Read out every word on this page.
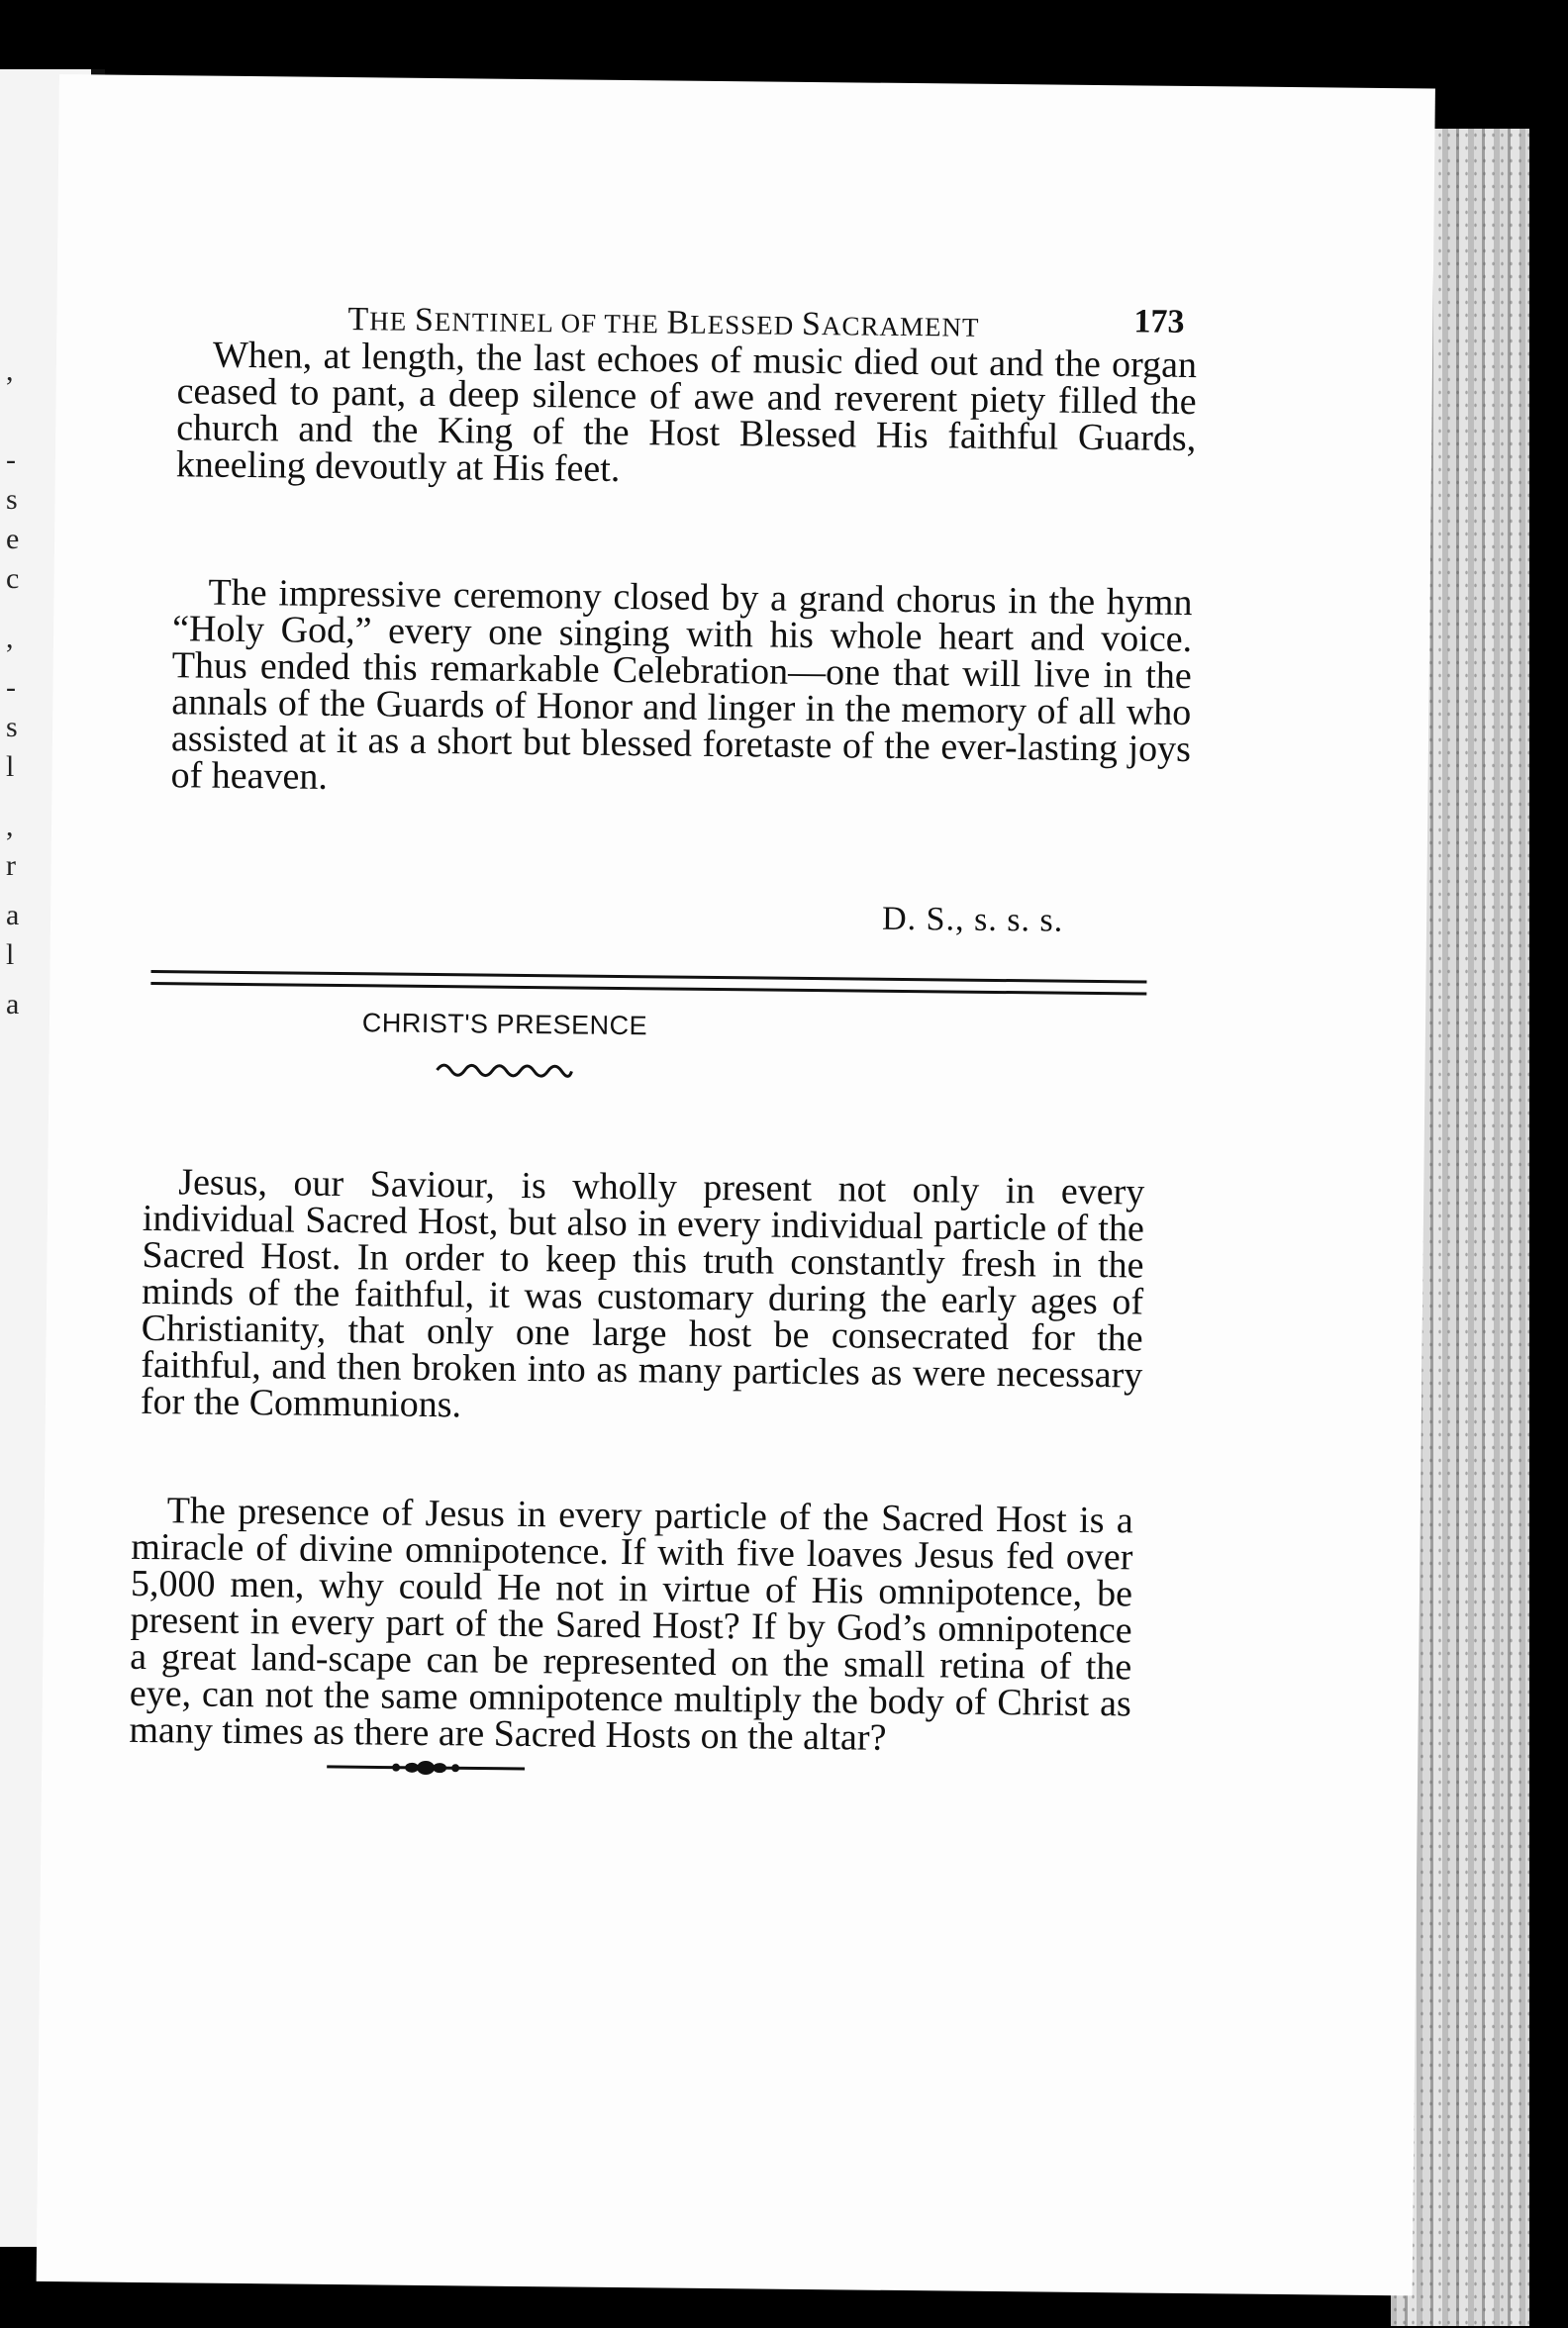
,
-
s
e
c
,
-
s
l
,
r
a
l
a
THE SENTINEL OF THE BLESSED SACRAMENT	173
When, at length, the last echoes of music died out and the organ ceased to pant, a deep silence of awe and reverent piety filled the church and the King of the Host Blessed His faithful Guards, kneeling devoutly at His feet.
The impressive ceremony closed by a grand chorus in the hymn “Holy God,” every one singing with his whole heart and voice. Thus ended this remarkable Celebration—one that will live in the annals of the Guards of Honor and linger in the memory of all who assisted at it as a short but blessed foretaste of the ever-lasting joys of heaven.
D. S., s. s. s.
CHRIST'S PRESENCE
Jesus, our Saviour, is wholly present not only in every individual Sacred Host, but also in every individual particle of the Sacred Host. In order to keep this truth constantly fresh in the minds of the faithful, it was customary during the early ages of Christianity, that only one large host be consecrated for the faithful, and then broken into as many particles as were necessary for the Communions.
The presence of Jesus in every particle of the Sacred Host is a miracle of divine omnipotence. If with five loaves Jesus fed over 5,000 men, why could He not in virtue of His omnipotence, be present in every part of the Sared Host? If by God’s omnipotence a great land-scape can be represented on the small retina of the eye, can not the same omnipotence multiply the body of Christ as many times as there are Sacred Hosts on the altar?
